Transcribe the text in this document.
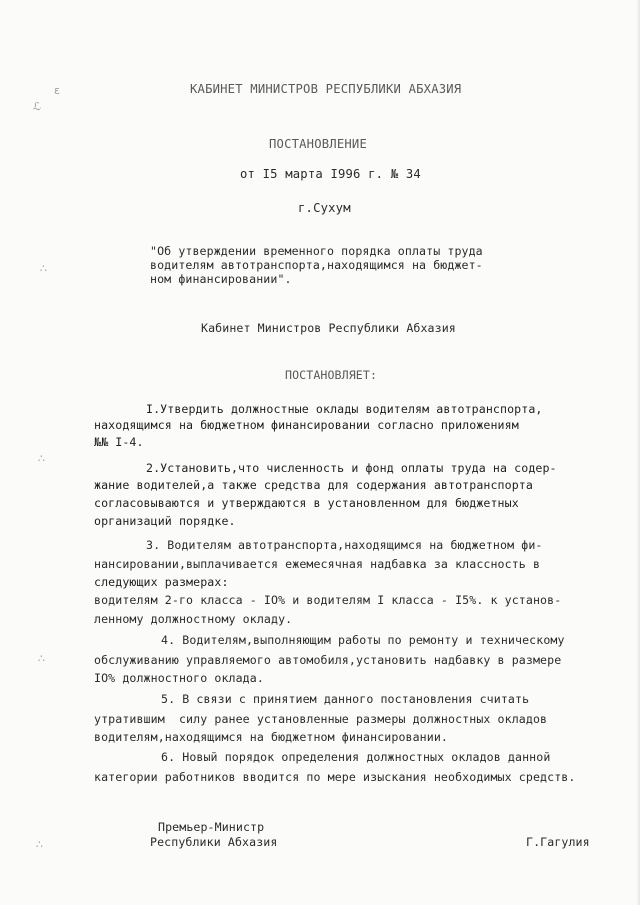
ε
ℒ
∴
∴
∴
∴
КАБИНЕТ МИНИСТРОВ РЕСПУБЛИКИ АБХАЗИЯ
ПОСТАНОВЛЕНИЕ
от I5 марта I996 г. № 34
г.Сухум
"Об утверждении временного порядка оплаты труда
водителям автотранспорта,находящимся на бюджет-
ном финансировании".
Кабинет Министров Республики Абхазия
ПОСТАНОВЛЯЕТ:
I.Утвердить должностные оклады водителям автотранспорта,
находящимся на бюджетном финансировании согласно приложениям
№№ I-4.
2.Установить,что численность и фонд оплаты труда на содер-
жание водителей,а также средства для содержания автотранспорта
согласовываются и утверждаются в установленном для бюджетных
организаций порядке.
3. Водителям автотранспорта,находящимся на бюджетном фи-
нансировании,выплачивается ежемесячная надбавка за классность в
следующих размерах:
водителям 2-го класса - IO% и водителям I класса - I5%. к установ-
ленному должностному окладу.
4. Водителям,выполняющим работы по ремонту и техническому
обслуживанию управляемого автомобиля,установить надбавку в размере
IO% должностного оклада.
5. В связи с принятием данного постановления считать
утратившим  силу ранее установленные размеры должностных окладов
водителям,находящимся на бюджетном финансировании.
6. Новый порядок определения должностных окладов данной
категории работников вводится по мере изыскания необходимых средств.
Премьер-Министр
Республики Абхазия	Г.Гагулия
